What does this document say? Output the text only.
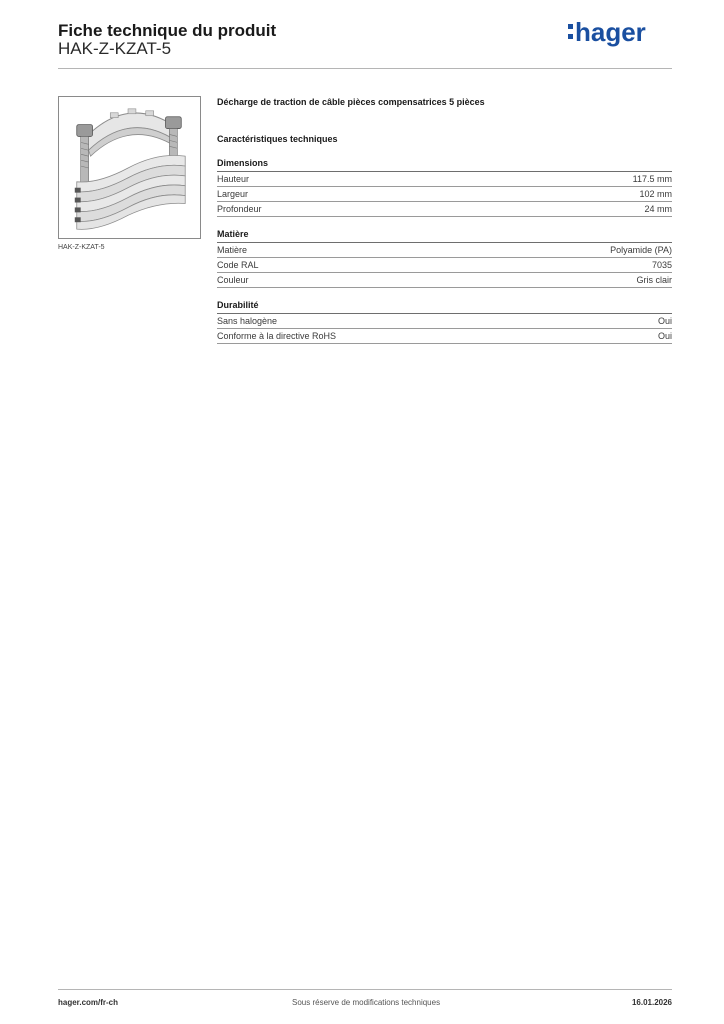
Fiche technique du produit
HAK-Z-KZAT-5
hager
HAK-Z-KZAT-5
Décharge de traction de câble pièces compensatrices 5 pièces
Caractéristiques techniques
Dimensions
Hauteur	117.5 mm
Largeur	102 mm
Profondeur	24 mm
Matière
Matière	Polyamide (PA)
Code RAL	7035
Couleur	Gris clair
Durabilité
Sans halogène	Oui
Conforme à la directive RoHS	Oui
hager.com/fr-ch	Sous réserve de modifications techniques	16.01.2026
